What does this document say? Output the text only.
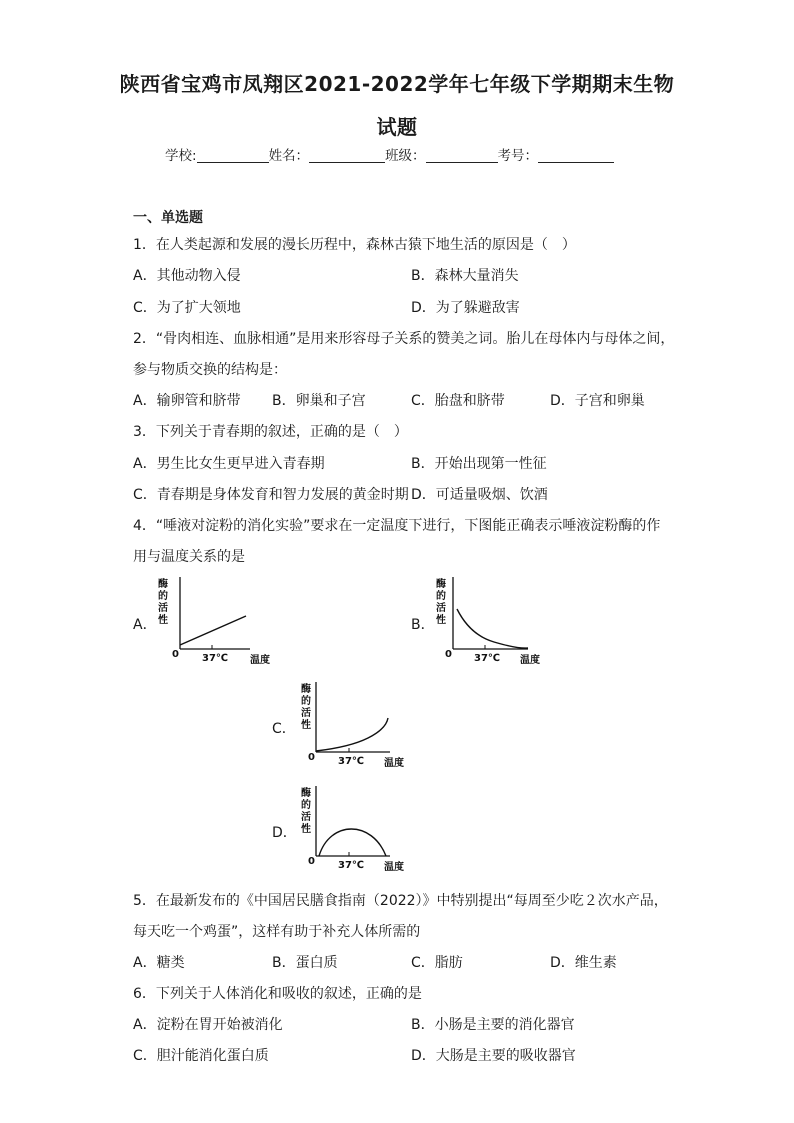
陕西省宝鸡市凤翔区2021-2022学年七年级下学期期末生物
试题
学校:	姓名：	班级：	考号：
一、单选题
1．在人类起源和发展的漫长历程中，森林古猿下地生活的原因是（　）
A．其他动物入侵	B．森林大量消失
C．为了扩大领地	D．为了躲避敌害
2．“骨肉相连、血脉相通”是用来形容母子关系的赞美之词。胎儿在母体内与母体之间，
参与物质交换的结构是：
A．输卵管和脐带 B．卵巢和子宫	C．胎盘和脐带	D．子宫和卵巢
3．下列关于青春期的叙述，正确的是（　）
A．男生比女生更早进入青春期	B．开始出现第一性征
C．青春期是身体发育和智力发展的黄金时期 D．可适量吸烟、饮酒
4．“唾液对淀粉的消化实验”要求在一定温度下进行，下图能正确表示唾液淀粉酶的作
用与温度关系的是
A．
酶
的
活
性
0 37℃ 温度
B．
酶
的
活
性
0 37℃ 温度
C．
酶
的
活
性
0 37℃ 温度
D．
酶
的
活
性
0 37℃ 温度
5．在最新发布的《中国居民膳食指南（2022）》中特别提出“每周至少吃２次水产品，
每天吃一个鸡蛋”，这样有助于补充人体所需的
A．糖类	B．蛋白质	C．脂肪	D．维生素
6．下列关于人体消化和吸收的叙述，正确的是
A．淀粉在胃开始被消化	B．小肠是主要的消化器官
C．胆汁能消化蛋白质	D．大肠是主要的吸收器官
